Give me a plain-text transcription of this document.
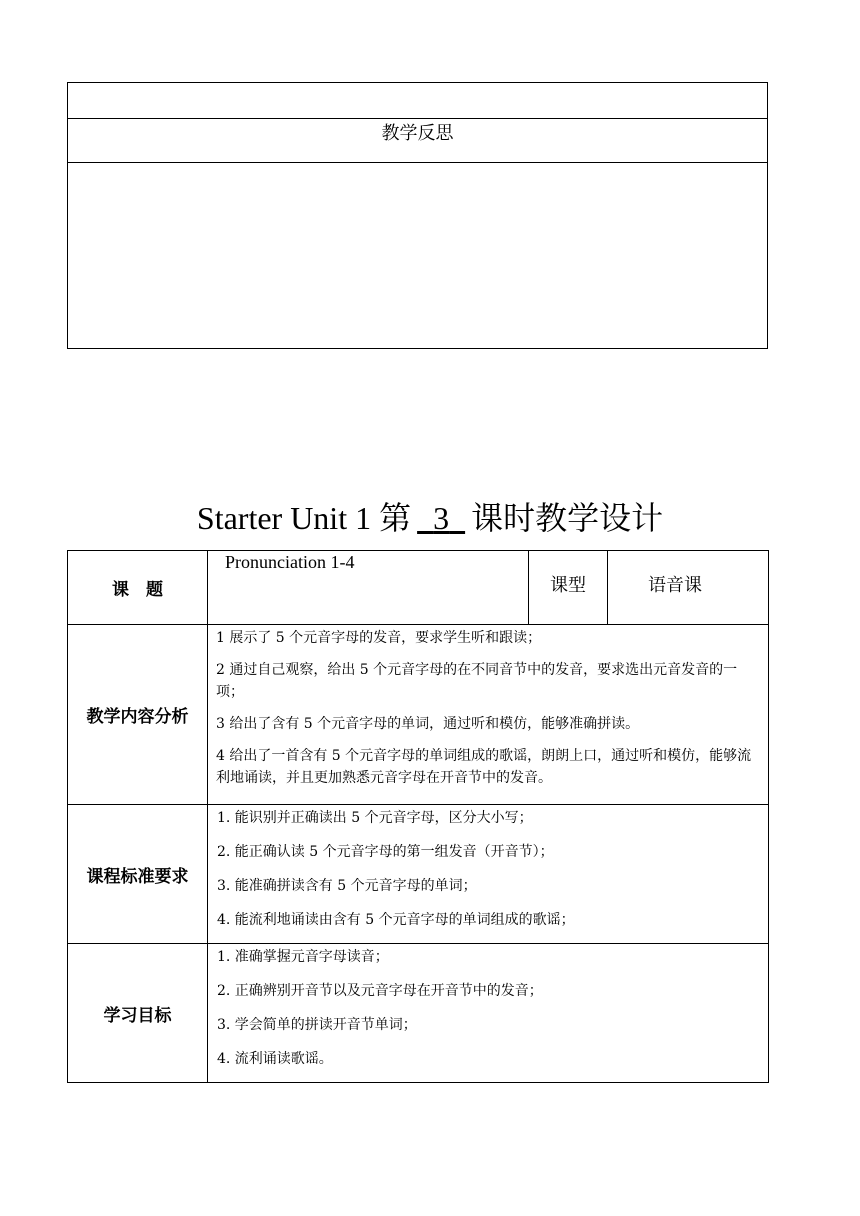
教学反思
Starter Unit 1 第 3 课时教学设计
课　题	Pronunciation 1-4	课型	语音课
教学内容分析	1 展示了 5 个元音字母的发音，要求学生听和跟读；

2 通过自己观察，给出 5 个元音字母的在不同音节中的发音，要求选出元音发音的一项；

3 给出了含有 5 个元音字母的单词，通过听和模仿，能够准确拼读。

4 给出了一首含有 5 个元音字母的单词组成的歌谣，朗朗上口，通过听和模仿，能够流利地诵读，并且更加熟悉元音字母在开音节中的发音。		

课程标准要求	1. 能识别并正确读出 5 个元音字母，区分大小写；

2. 能正确认读 5 个元音字母的第一组发音（开音节）；

3. 能准确拼读含有 5 个元音字母的单词；

4. 能流利地诵读由含有 5 个元音字母的单词组成的歌谣；		

学习目标	1. 准确掌握元音字母读音；

2. 正确辨别开音节以及元音字母在开音节中的发音；

3. 学会简单的拼读开音节单词；

4. 流利诵读歌谣。		
